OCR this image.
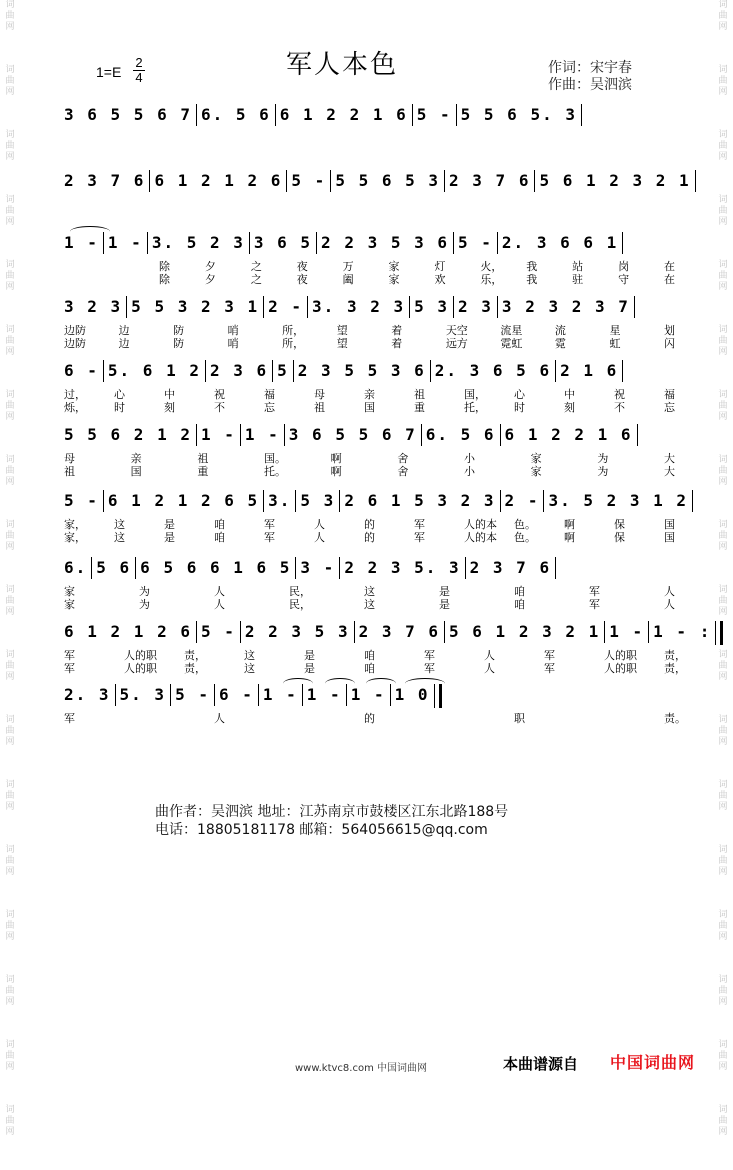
词
曲
网
词
曲
网
词
曲
网
词
曲
网
词
曲
网
词
曲
网
词
曲
网
词
曲
网
词
曲
网
词
曲
网
词
曲
网
词
曲
网
词
曲
网
词
曲
网
词
曲
网
词
曲
网
词
曲
网
词
曲
网
词
曲
网
词
曲
网
词
曲
网
词
曲
网
词
曲
网
词
曲
网
词
曲
网
词
曲
网
词
曲
网
词
曲
网
词
曲
网
词
曲
网
词
曲
网
词
曲
网
词
曲
网
词
曲
网
词
曲
网
词
曲
网
1=E
2
4	军人本色	作词：宋宇春
作曲：吴泗滨
3 6 5 5 6 7 6. 5 6 6 1 2 2 1 6 5 - 5 5 6 5. 3
2 3 7 6 6 1 2 1 2 6 5 - 5 5 6 5 3 2 3 7 6 5 6 1 2 3 2 1
1 - 1 - 3. 5 2 3 3 6 5 2 2 3 5 3 6 5 - 2. 3 6 6 1
除	夕	之	夜	万	家	灯	火， 我	站	岗	在
除	夕	之	夜	阖	家	欢	乐， 我	驻	守	在
3 2 3 5 5 3 2 3 1 2 - 3. 3 2 3 5 3 2 3 3 2 3 2 3 7
边防	边	防	哨	所，	望	着	天空	流星	流	星	划
边防	边	防	哨	所，	望	着	远方	霓虹	霓	虹	闪
6 - 5. 6 1 2 2 3 6 5 2 3 5 5 3 6 2. 3 6 5 6 2 1 6
过，	心	中	祝	福	母	亲	祖	国，	心	中	祝	福
烁，	时	刻	不	忘	祖	国	重	托，	时	刻	不	忘
5 5 6 2 1 2 1 - 1 - 3 6 5 5 6 7 6. 5 6 6 1 2 2 1 6
母	亲	祖	国。	啊	舍	小	家	为	大
祖	国	重	托。	啊	舍	小	家	为	大
5 - 6 1 2 1 2 6 5 3. 5 3 2 6 1 5 3 2 3 2 - 3. 5 2 3 1 2
家，	这	是	咱	军	人	的	军	人的本 色。	啊	保	国
家，	这	是	咱	军	人	的	军	人的本 色。	啊	保	国
6. 5 6 6 5 6 6 1 6 5 3 - 2 2 3 5. 3 2 3 7 6
家	为	人	民，	这	是	咱	军	人
家	为	人	民，	这	是	咱	军	人
6 1 2 1 2 6 5 - 2 2 3 5 3 2 3 7 6 5 6 1 2 3 2 1 1 - 1 - :
军	人的职 责，	这	是	咱	军	人	军	人的职 责，
军	人的职 责，	这	是	咱	军	人	军	人的职 责，
2. 3 5. 3 5 - 6 - 1 - 1 - 1 - 1 0
军	人	的	职	责。
曲作者：吴泗滨 地址：江苏南京市鼓楼区江东北路188号
电话：18805181178 邮箱：564056615@qq.com
www.ktvc8.com 中国词曲网	本曲谱源自 中国词曲网
